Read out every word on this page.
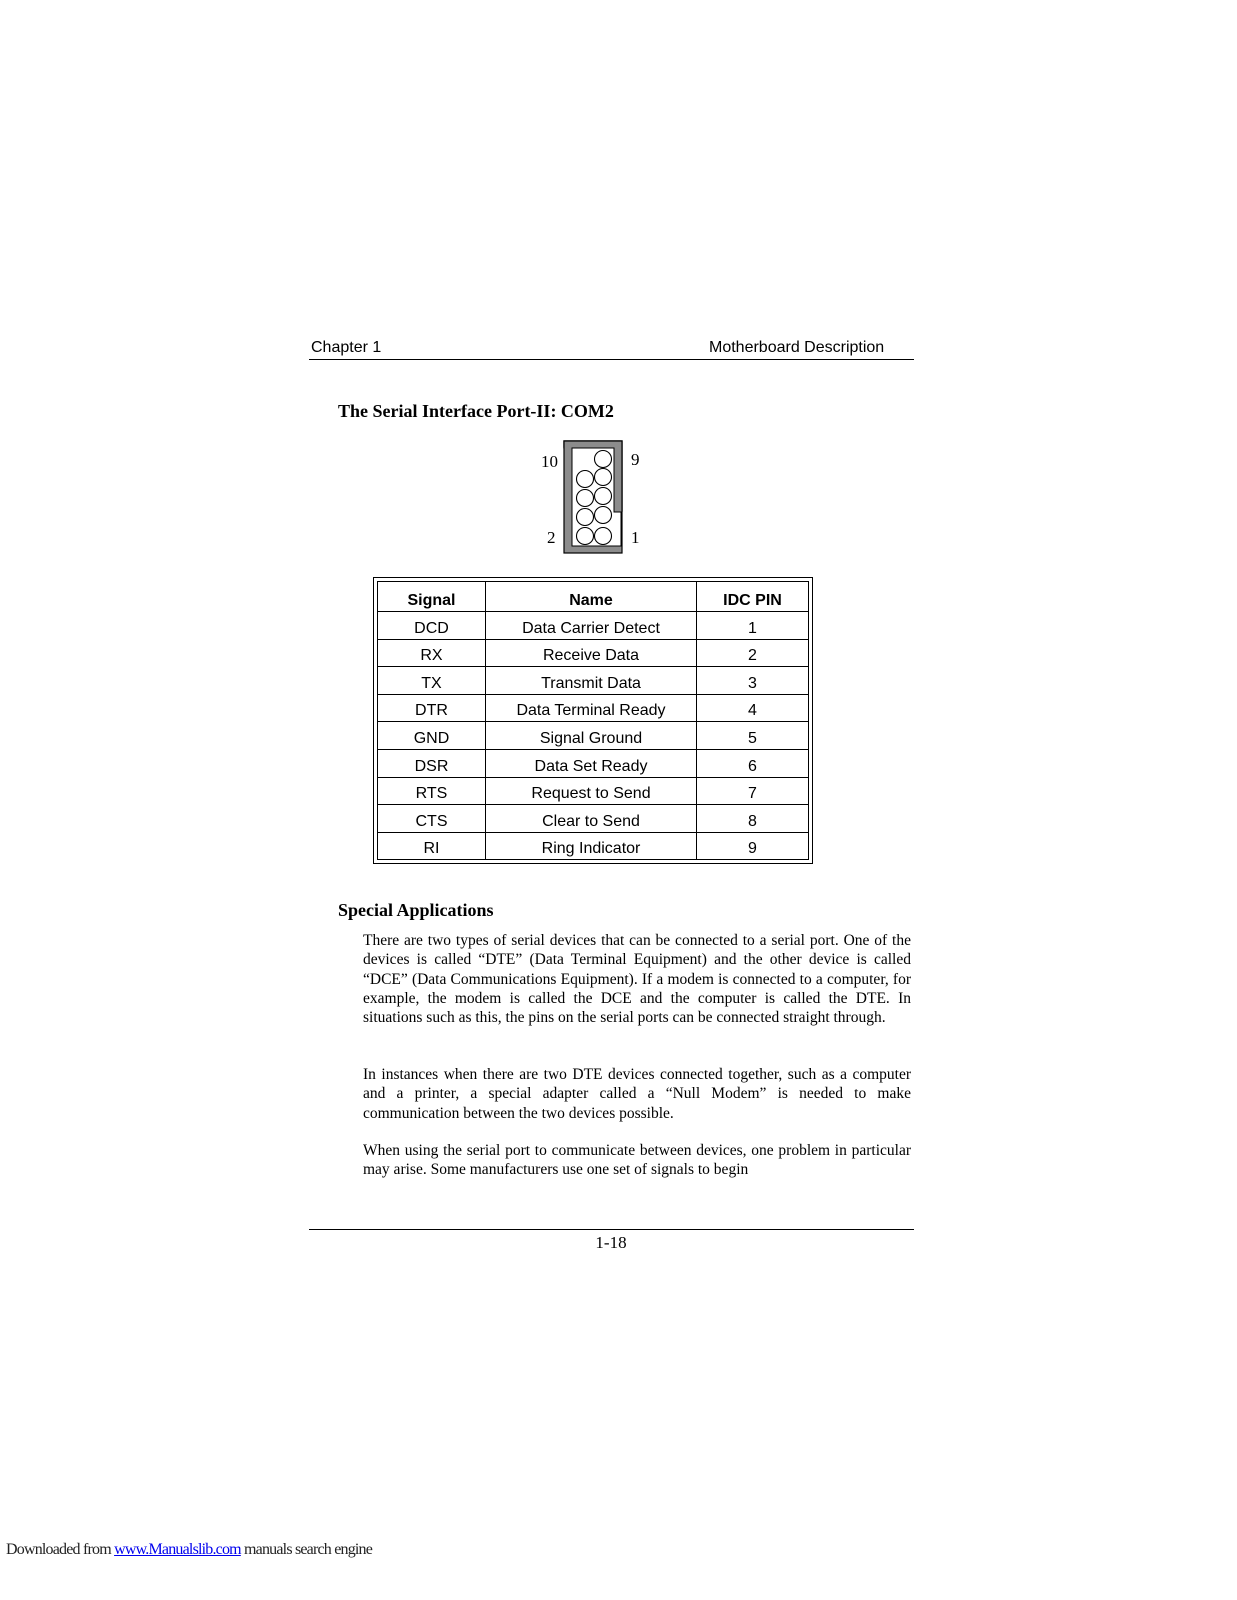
Chapter 1	Motherboard Description
The Serial Interface Port-II: COM2
10	9
2	1
Signal	Name	IDC PIN
DCD	Data Carrier Detect	1
RX	Receive Data	2
TX	Transmit Data	3
DTR	Data Terminal Ready	4
GND	Signal Ground	5
DSR	Data Set Ready	6
RTS	Request to Send	7
CTS	Clear to Send	8
RI	Ring Indicator	9
Special Applications

There are two types of serial devices that can be connected to a serial port. One of the devices is called “DTE” (Data Terminal Equipment) and the other device is called “DCE” (Data Communications Equipment). If a modem is connected to a computer, for example, the modem is called the DCE and the computer is called the DTE. In situations such as this, the pins on the serial ports can be connected straight through.

In instances when there are two DTE devices connected together, such as a computer and a printer, a special adapter called a “Null Modem” is needed to make communication between the two devices possible.

When using the serial port to communicate between devices, one problem in particular may arise. Some manufacturers use one set of signals to begin

1-18
Downloaded from www.Manualslib.com manuals search engine
